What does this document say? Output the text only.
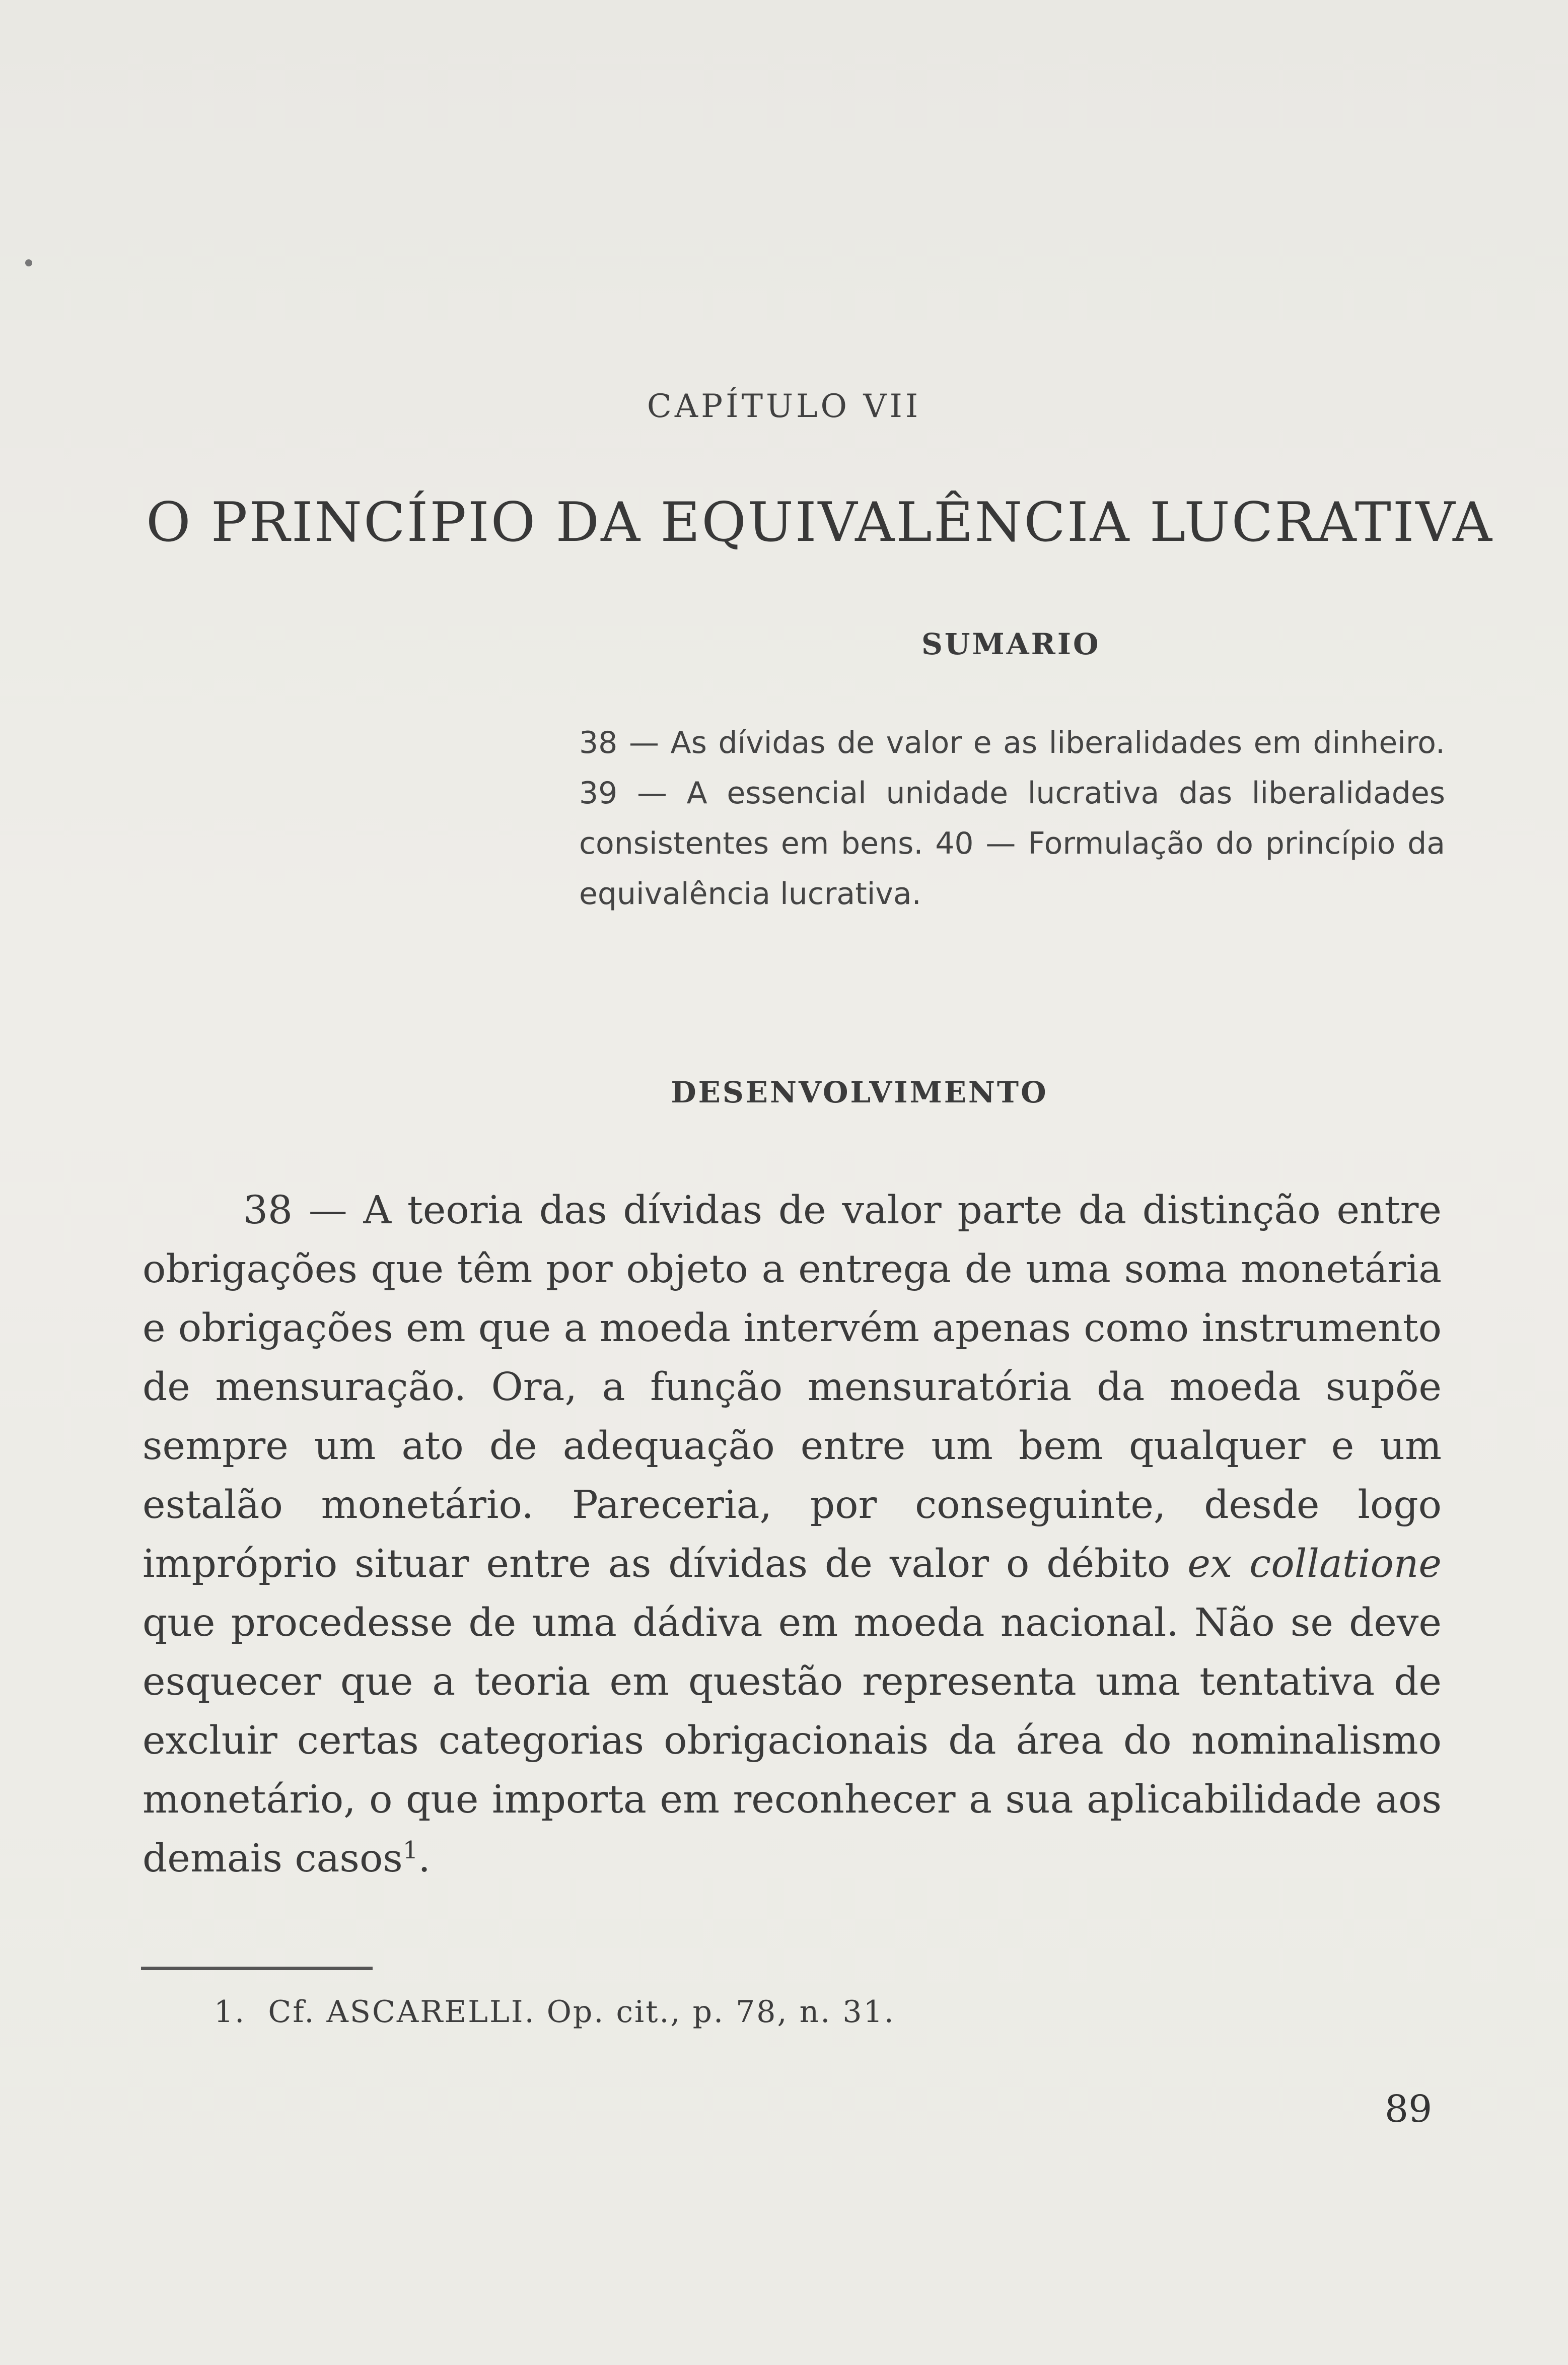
CAPÍTULO VII
O PRINCÍPIO DA EQUIVALÊNCIA LUCRATIVA
SUMARIO
38 — As dívidas de valor e as liberalidades em dinheiro. 39 — A essencial unidade lucrativa das liberalidades consistentes em bens. 40 — Formulação do princípio da equivalência lucrativa.
DESENVOLVIMENTO
38 — A teoria das dívidas de valor parte da distinção entre obrigações que têm por objeto a entrega de uma soma monetária e obrigações em que a moeda intervém apenas como instrumento de mensuração. Ora, a função mensuratória da moeda supõe sempre um ato de adequação entre um bem qualquer e um estalão monetário. Pareceria, por conseguinte, desde logo impróprio situar entre as dívidas de valor o débito ex collatione que procedesse de uma dádiva em moeda nacional. Não se deve esquecer que a teoria em questão representa uma tentativa de excluir certas categorias obrigacionais da área do nominalismo monetário, o que importa em reconhecer a sua aplicabilidade aos demais casos$^1$.
1. Cf. ASCARELLI. Op. cit., p. 78, n. 31.
89
